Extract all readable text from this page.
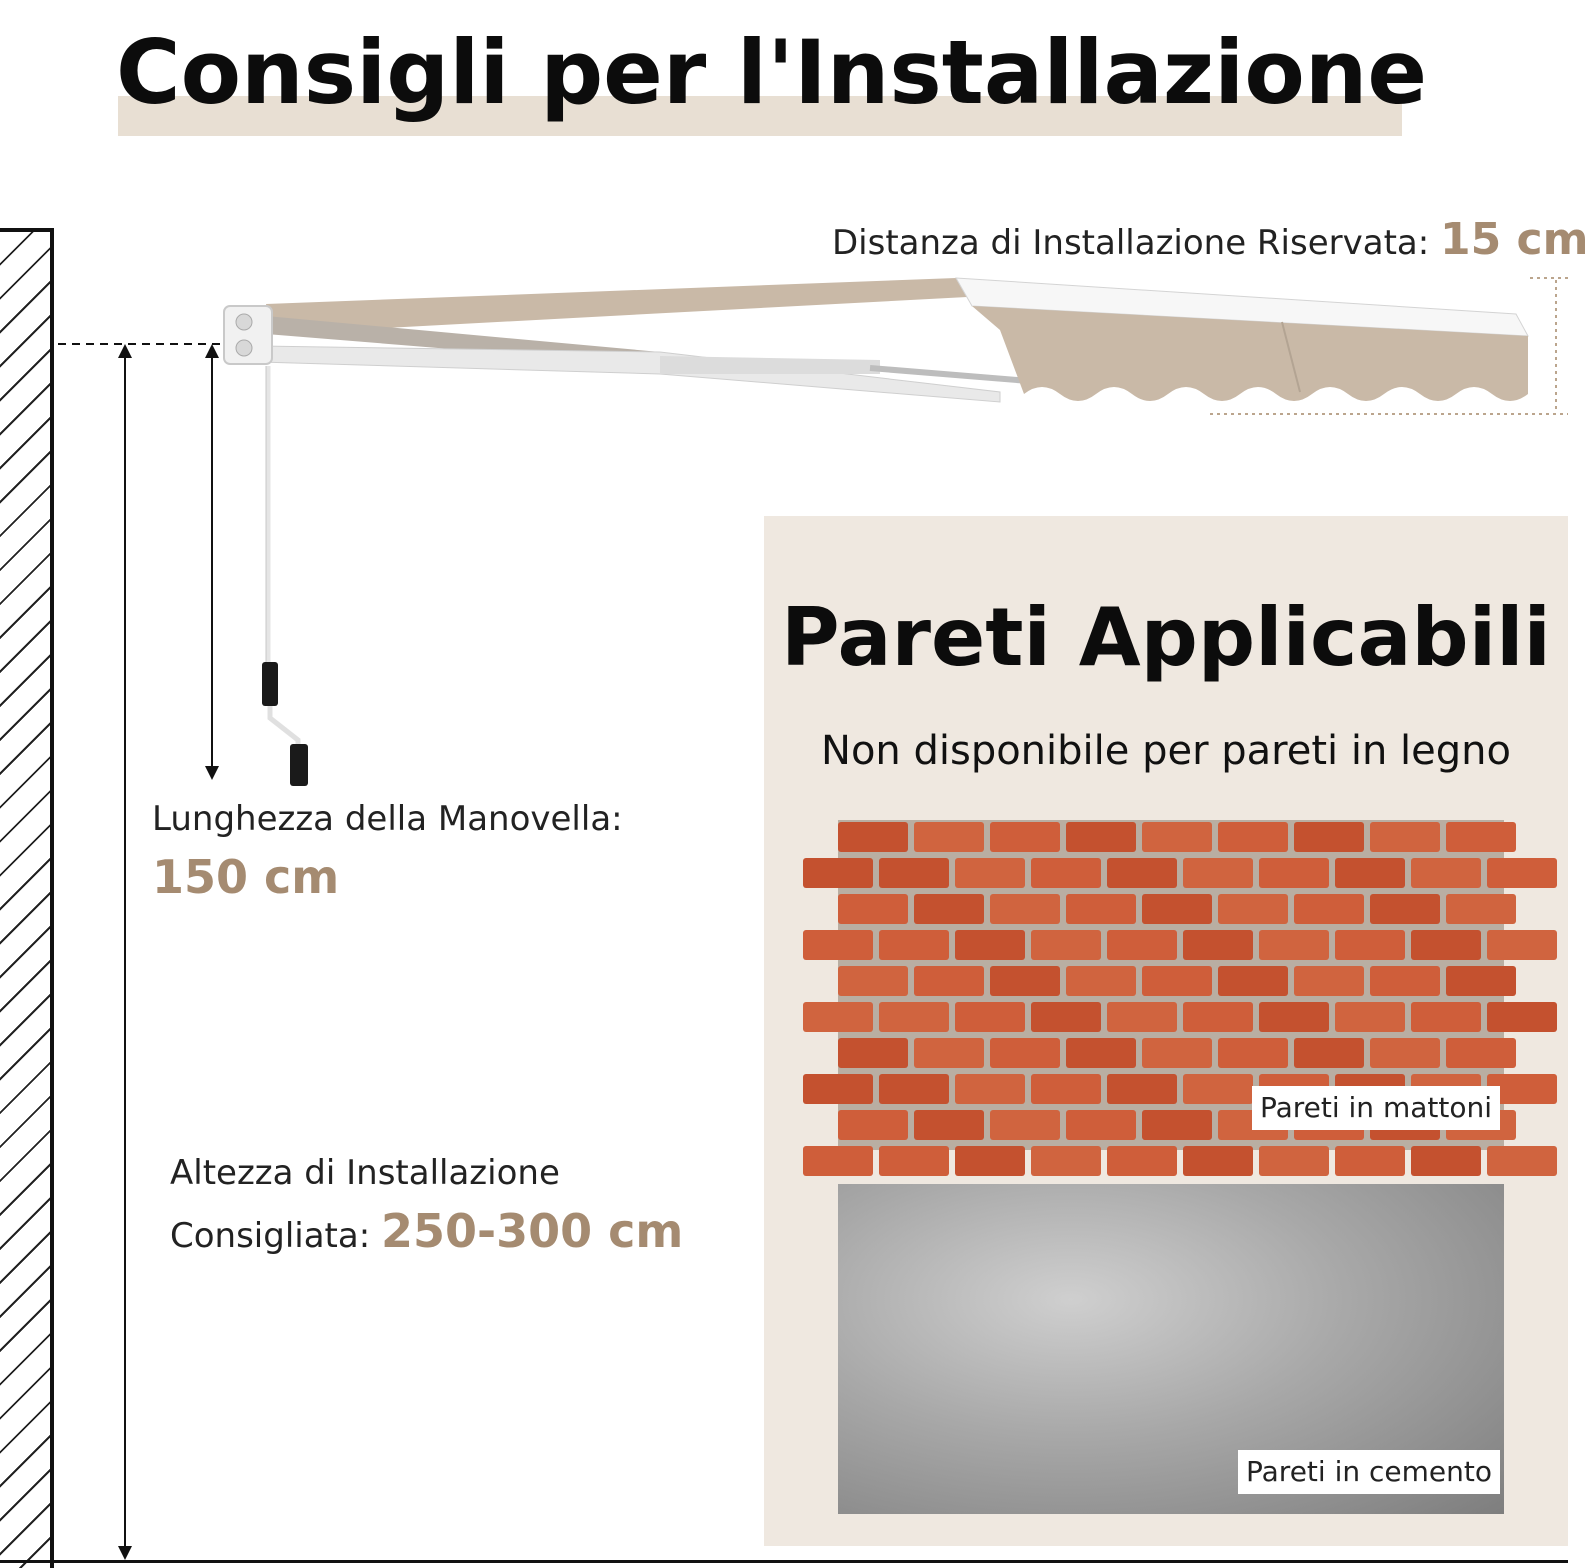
Consigli per l'Installazione
Distanza di Installazione Riservata: 15 cm
Lunghezza della Manovella:
150 cm
Altezza di Installazione
Consigliata: 250-300 cm
Pareti Applicabili
Non disponibile per pareti in legno
Pareti in mattoni
Pareti in cemento
